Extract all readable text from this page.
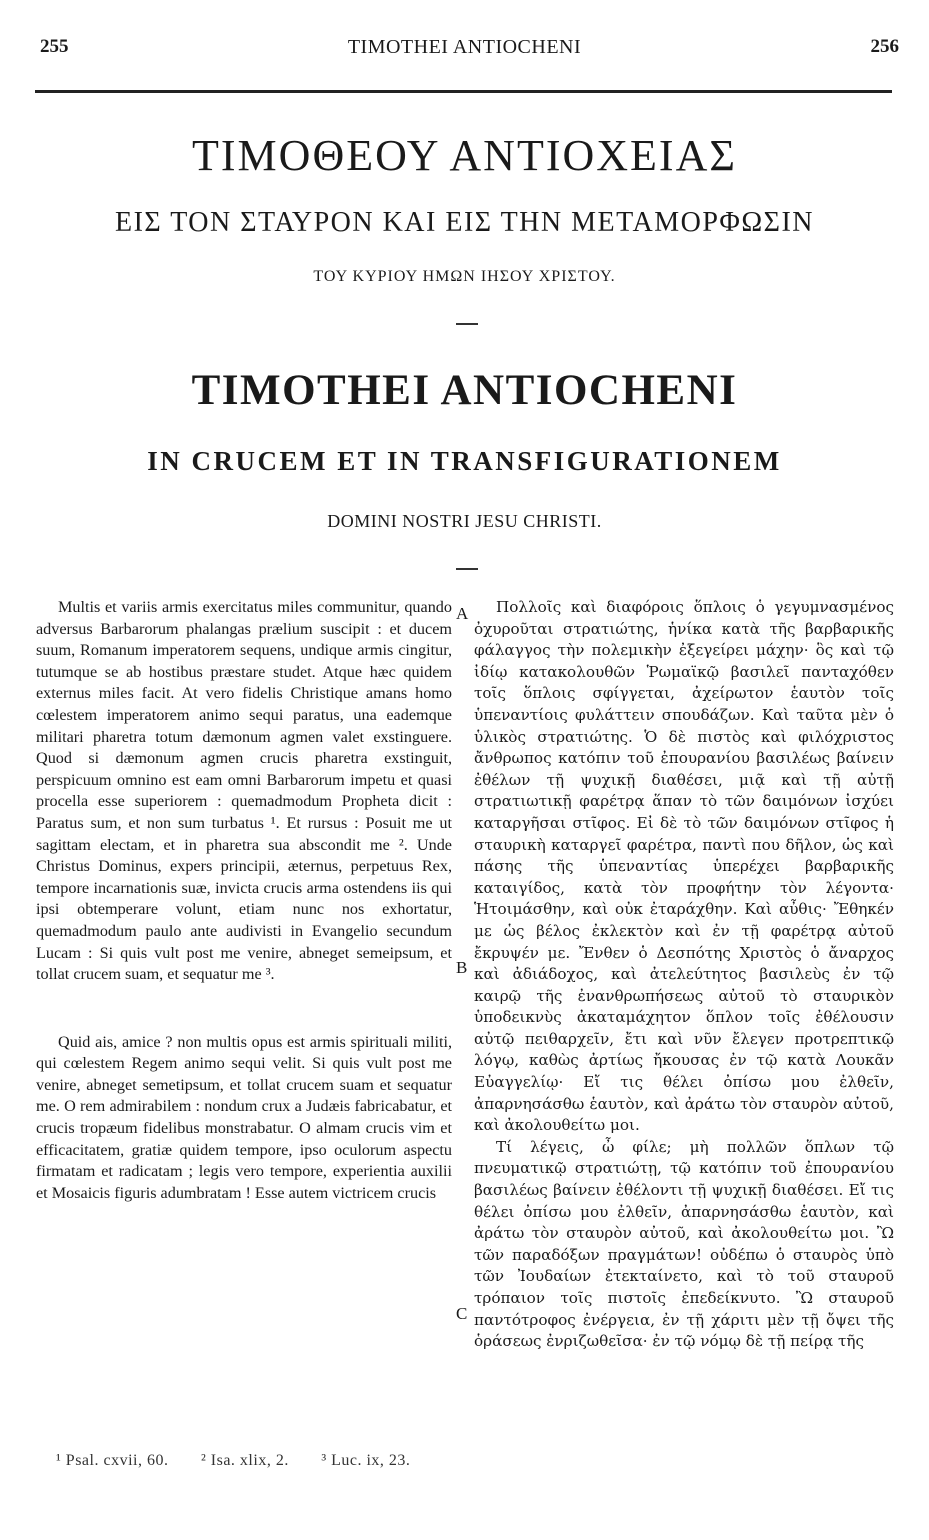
255	TIMOTHEI ANTIOCHENI	256
ΤΙΜΟΘΕΟΥ ΑΝΤΙΟΧΕΙΑΣ
ΕΙΣ ΤΟΝ ΣΤΑΥΡΟΝ ΚΑΙ ΕΙΣ ΤΗΝ ΜΕΤΑΜΟΡΦΩΣΙΝ
ΤΟΥ ΚΥΡΙΟΥ ΗΜΩΝ ΙΗΣΟΥ ΧΡΙΣΤΟΥ.
TIMOTHEI ANTIOCHENI
IN CRUCEM ET IN TRANSFIGURATIONEM
DOMINI NOSTRI JESU CHRISTI.

Multis et variis armis exercitatus miles communitur, quando adversus Barbarorum phalangas prælium suscipit : et ducem suum, Romanum imperatorem sequens, undique armis cingitur, tutumque se ab hostibus præstare studet. Atque hæc quidem externus miles facit. At vero fidelis Christique amans homo cœlestem imperatorem animo sequi paratus, una eademque militari pharetra totum dæmonum agmen valet exstinguere. Quod si dæmonum agmen crucis pharetra exstinguit, perspicuum omnino est eam omni Barbarorum impetu et quasi procella esse superiorem : quemadmodum Propheta dicit : Paratus sum, et non sum turbatus ¹. Et rursus : Posuit me ut sagittam electam, et in pharetra sua abscondit me ². Unde Christus Dominus, expers principii, æternus, perpetuus Rex, tempore incarnationis suæ, invicta crucis arma ostendens iis qui ipsi obtemperare volunt, etiam nunc nos exhortatur, quemadmodum paulo ante audivisti in Evangelio secundum Lucam : Si quis vult post me venire, abneget semeipsum, et tollat crucem suam, et sequatur me ³.

Quid ais, amice ? non multis opus est armis spirituali militi, qui cœlestem Regem animo sequi velit. Si quis vult post me venire, abneget semetipsum, et tollat crucem suam et sequatur me. O rem admirabilem : nondum crux a Judæis fabricabatur, et crucis tropæum fidelibus monstrabatur. O almam crucis vim et efficacitatem, gratiæ quidem tempore, ipso oculorum aspectu firmatam et radicatam ; legis vero tempore, experientia auxilii et Mosaicis figuris adumbratam ! Esse autem victricem crucis

A
B
C

Πολλοῖς καὶ διαφόροις ὅπλοις ὁ γεγυμνασμένος ὀχυροῦται στρατιώτης, ἡνίκα κατὰ τῆς βαρβαρικῆς φάλαγγος τὴν πολεμικὴν ἐξεγείρει μάχην· ὃς καὶ τῷ ἰδίῳ κατακολουθῶν Ῥωμαϊκῷ βασιλεῖ πανταχόθεν τοῖς ὅπλοις σφίγγεται, ἀχείρωτον ἑαυτὸν τοῖς ὑπεναντίοις φυλάττειν σπουδάζων. Καὶ ταῦτα μὲν ὁ ὑλικὸς στρατιώτης. Ὁ δὲ πιστὸς καὶ φιλόχριστος ἄνθρωπος κατόπιν τοῦ ἐπουρανίου βασιλέως βαίνειν ἐθέλων τῇ ψυχικῇ διαθέσει, μιᾷ καὶ τῇ αὐτῇ στρατιωτικῇ φαρέτρᾳ ἅπαν τὸ τῶν δαιμόνων ἰσχύει καταργῆσαι στῖφος. Εἰ δὲ τὸ τῶν δαιμόνων στῖφος ἡ σταυρικὴ καταργεῖ φαρέτρα, παντὶ που δῆλον, ὡς καὶ πάσης τῆς ὑπεναντίας ὑπερέχει βαρβαρικῆς καταιγίδος, κατὰ τὸν προφήτην τὸν λέγοντα· Ἡτοιμάσθην, καὶ οὐκ ἐταράχθην. Καὶ αὖθις· Ἔθηκέν με ὡς βέλος ἐκλεκτὸν καὶ ἐν τῇ φαρέτρᾳ αὐτοῦ ἔκρυψέν με. Ἔνθεν ὁ Δεσπότης Χριστὸς ὁ ἄναρχος καὶ ἀδιάδοχος, καὶ ἀτελεύτητος βασιλεὺς ἐν τῷ καιρῷ τῆς ἐνανθρωπήσεως αὐτοῦ τὸ σταυρικὸν ὑποδεικνὺς ἀκαταμάχητον ὅπλον τοῖς ἐθέλουσιν αὐτῷ πειθαρχεῖν, ἔτι καὶ νῦν ἔλεγεν προτρεπτικῷ λόγῳ, καθὼς ἀρτίως ἤκουσας ἐν τῷ κατὰ Λουκᾶν Εὐαγγελίῳ· Εἴ τις θέλει ὀπίσω μου ἐλθεῖν, ἀπαρνησάσθω ἑαυτὸν, καὶ ἀράτω τὸν σταυρὸν αὐτοῦ, καὶ ἀκολουθείτω μοι.

Τί λέγεις, ὦ φίλε; μὴ πολλῶν ὅπλων τῷ πνευματικῷ στρατιώτῃ, τῷ κατόπιν τοῦ ἐπουρανίου βασιλέως βαίνειν ἐθέλοντι τῇ ψυχικῇ διαθέσει. Εἴ τις θέλει ὀπίσω μου ἐλθεῖν, ἀπαρνησάσθω ἑαυτὸν, καὶ ἀράτω τὸν σταυρὸν αὐτοῦ, καὶ ἀκολουθείτω μοι. Ὢ τῶν παραδόξων πραγμάτων! οὐδέπω ὁ σταυρὸς ὑπὸ τῶν Ἰουδαίων ἐτεκταίνετο, καὶ τὸ τοῦ σταυροῦ τρόπαιον τοῖς πιστοῖς ἐπεδείκνυτο. Ὢ σταυροῦ παντότροφος ἐνέργεια, ἐν τῇ χάριτι μὲν τῇ ὄψει τῆς ὁράσεως ἐνριζωθεῖσα· ἐν τῷ νόμῳ δὲ τῇ πείρᾳ τῆς

¹ Psal. cxvii, 60. ² Isa. xlix, 2. ³ Luc. ix, 23.
